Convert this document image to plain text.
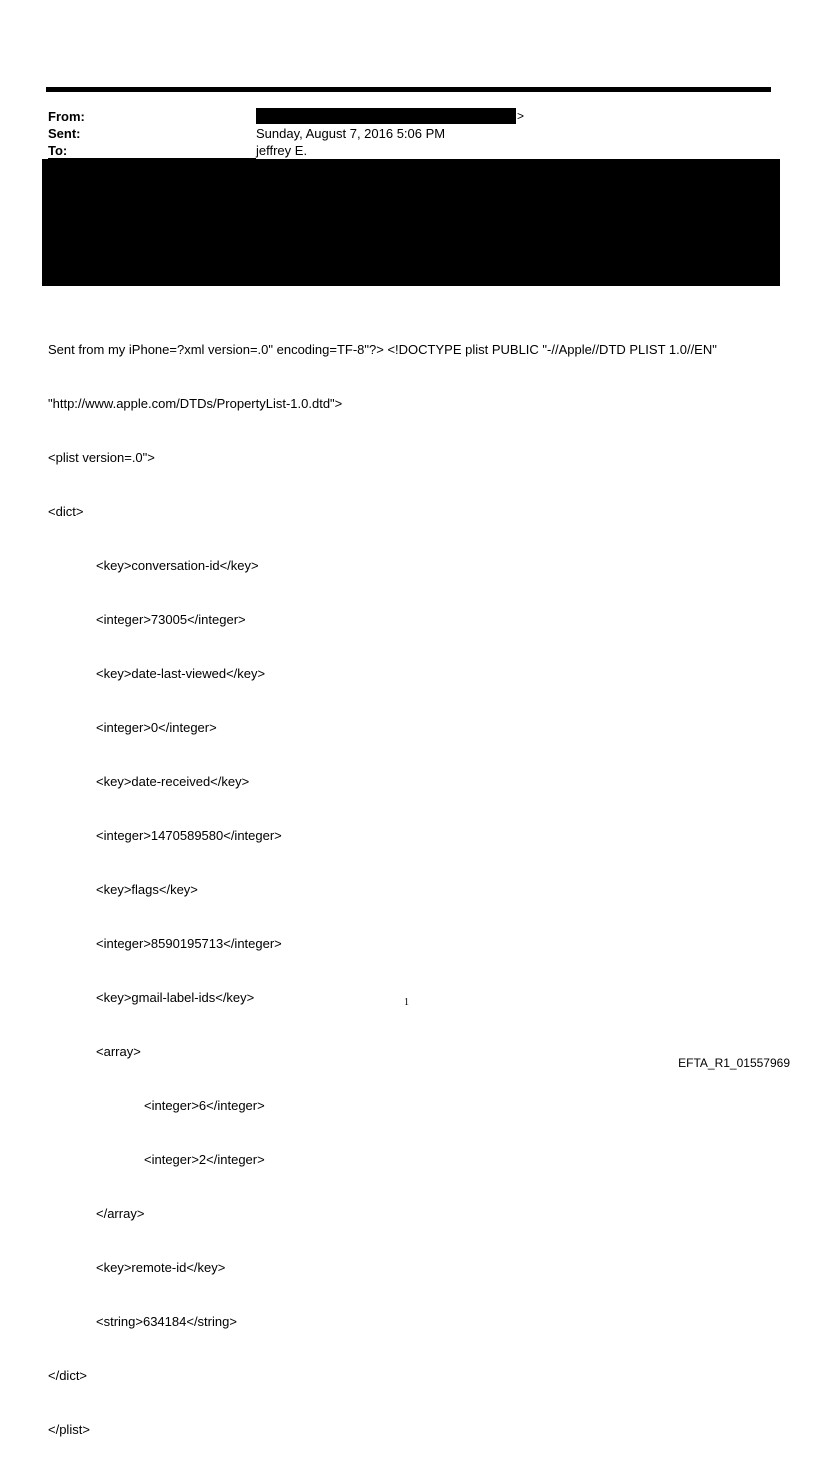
From:	>
Sent:	Sunday, August 7, 2016 5:06 PM
To:	jeffrey E.

Sent from my iPhone=?xml version=.0" encoding=TF-8"?> <!DOCTYPE plist PUBLIC "-//Apple//DTD PLIST 1.0//EN"

"http://www.apple.com/DTDs/PropertyList-1.0.dtd">

<plist version=.0">

<dict>

<key>conversation-id</key>

<integer>73005</integer>

<key>date-last-viewed</key>

<integer>0</integer>

<key>date-received</key>

<integer>1470589580</integer>

<key>flags</key>

<integer>8590195713</integer>

<key>gmail-label-ids</key>

<array>

<integer>6</integer>

<integer>2</integer>

</array>

<key>remote-id</key>

<string>634184</string>

</dict>

</plist>

1
EFTA_R1_01557969
